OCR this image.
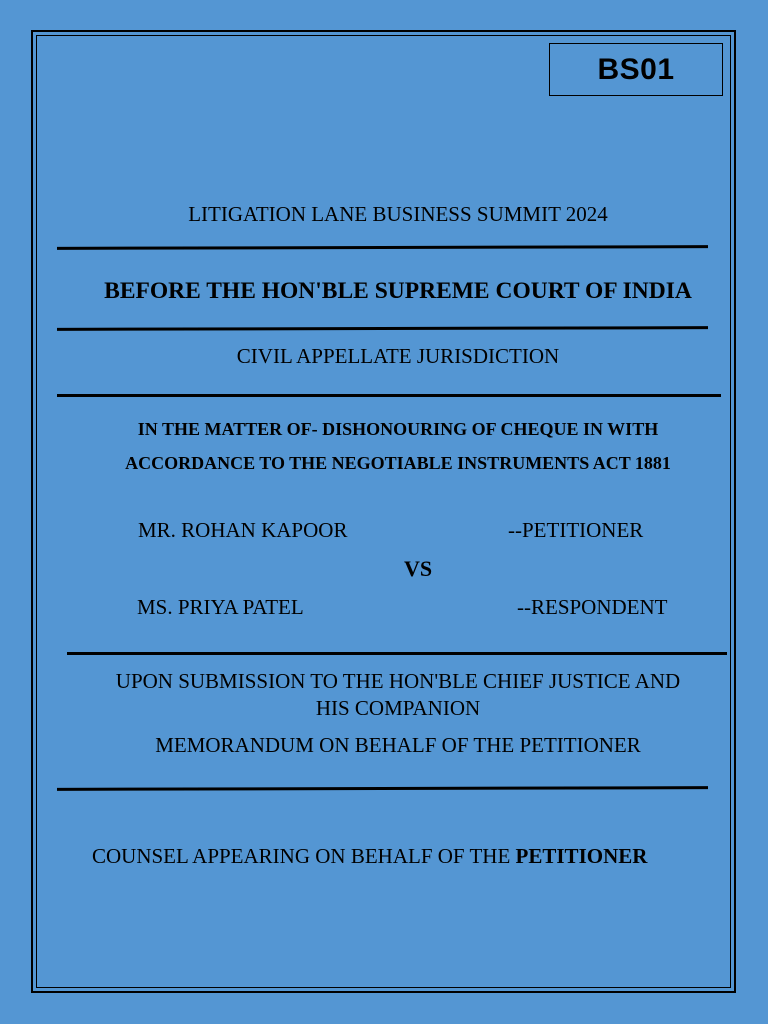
BS01
LITIGATION LANE BUSINESS SUMMIT 2024
BEFORE THE HON'BLE SUPREME COURT OF INDIA
CIVIL APPELLATE JURISDICTION
IN THE MATTER OF- DISHONOURING OF CHEQUE IN WITH
ACCORDANCE TO THE NEGOTIABLE INSTRUMENTS ACT 1881
MR. ROHAN KAPOOR	--PETITIONER
VS
MS. PRIYA PATEL	--RESPONDENT
UPON SUBMISSION TO THE HON'BLE CHIEF JUSTICE AND
HIS COMPANION
MEMORANDUM ON BEHALF OF THE PETITIONER
COUNSEL APPEARING ON BEHALF OF THE PETITIONER
